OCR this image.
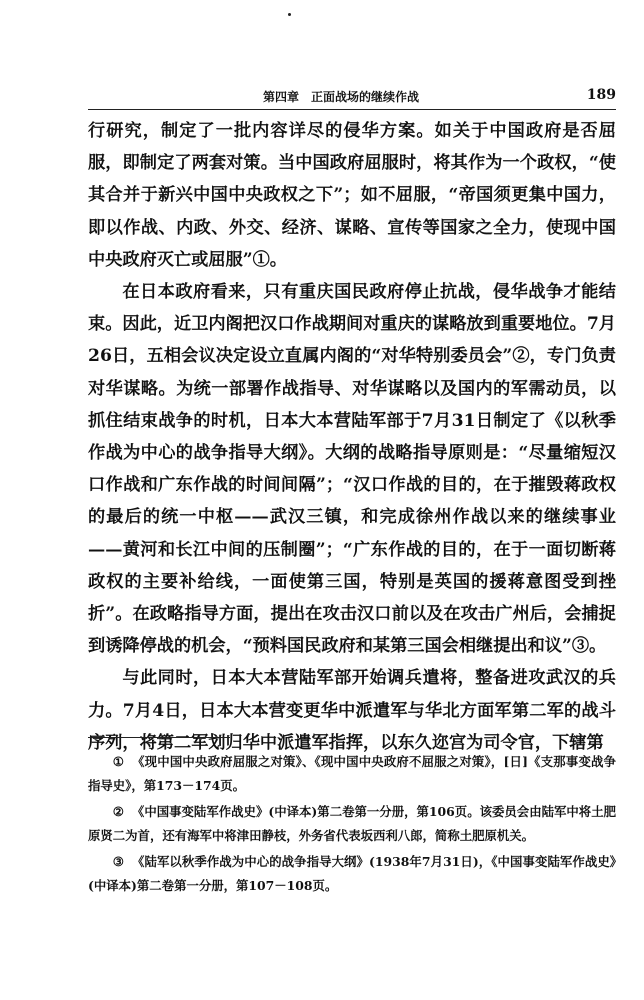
第四章　正面战场的继续作战	189

行研究，制定了一批内容详尽的侵华方案。如关于中国政府是否屈服，即制定了两套对策。当中国政府屈服时，将其作为一个政权，“使其合并于新兴中国中央政权之下”；如不屈服，“帝国须更集中国力，即以作战、内政、外交、经济、谋略、宣传等国家之全力，使现中国中央政府灭亡或屈服”①。

在日本政府看来，只有重庆国民政府停止抗战，侵华战争才能结束。因此，近卫内阁把汉口作战期间对重庆的谋略放到重要地位。7月26日，五相会议决定设立直属内阁的“对华特别委员会”②，专门负责对华谋略。为统一部署作战指导、对华谋略以及国内的军需动员，以抓住结束战争的时机，日本大本营陆军部于7月31日制定了《以秋季作战为中心的战争指导大纲》。大纲的战略指导原则是：“尽量缩短汉口作战和广东作战的时间间隔”；“汉口作战的目的，在于摧毁蒋政权的最后的统一中枢——武汉三镇，和完成徐州作战以来的继续事业——黄河和长江中间的压制圈”；“广东作战的目的，在于一面切断蒋政权的主要补给线，一面使第三国，特别是英国的援蒋意图受到挫折”。在政略指导方面，提出在攻击汉口前以及在攻击广州后，会捕捉到诱降停战的机会，“预料国民政府和某第三国会相继提出和议”③。

与此同时，日本大本营陆军部开始调兵遣将，整备进攻武汉的兵力。7月4日，日本大本营变更华中派遣军与华北方面军第二军的战斗序列，将第二军划归华中派遣军指挥，以东久迩宫为司令官，下辖第

① 《现中国中央政府屈服之对策》、《现中国中央政府不屈服之对策》，[日]《支那事变战争指导史》，第173－174页。

② 《中国事变陆军作战史》(中译本)第二卷第一分册，第106页。该委员会由陆军中将土肥原贤二为首，还有海军中将津田静枝，外务省代表坂西利八郎，简称土肥原机关。

③ 《陆军以秋季作战为中心的战争指导大纲》(1938年7月31日)，《中国事变陆军作战史》(中译本)第二卷第一分册，第107－108页。
